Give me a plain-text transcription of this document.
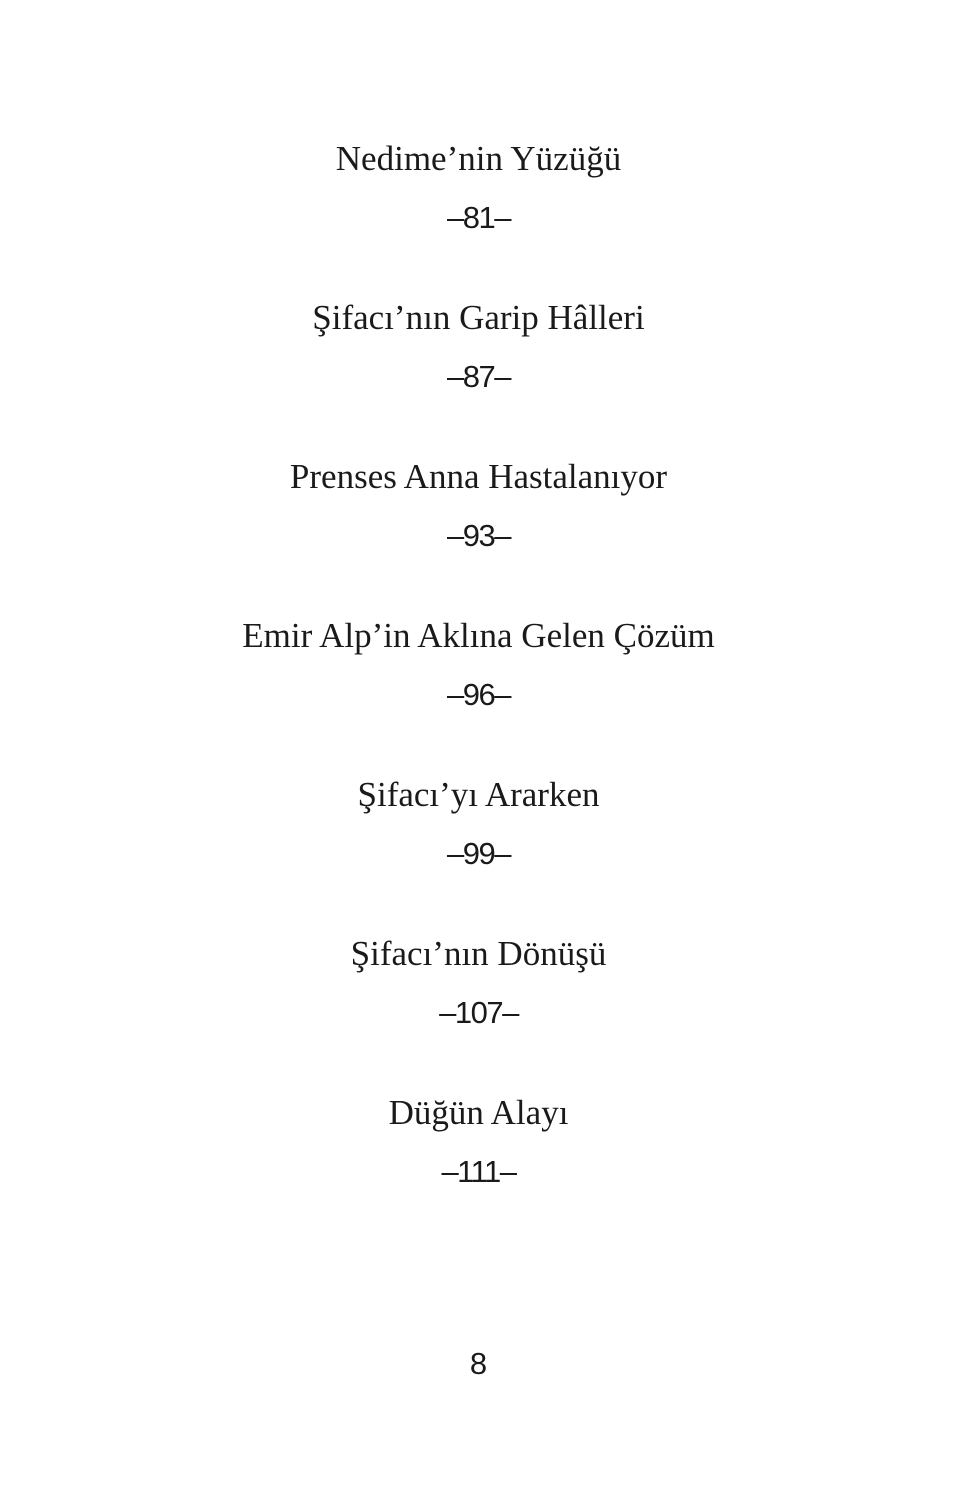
Nedime’nin Yüzüğü
–81–
Şifacı’nın Garip Hâlleri
–87–
Prenses Anna Hastalanıyor
–93–
Emir Alp’in Aklına Gelen Çözüm
–96–
Şifacı’yı Ararken
–99–
Şifacı’nın Dönüşü
–107–
Düğün Alayı
–111–
8
